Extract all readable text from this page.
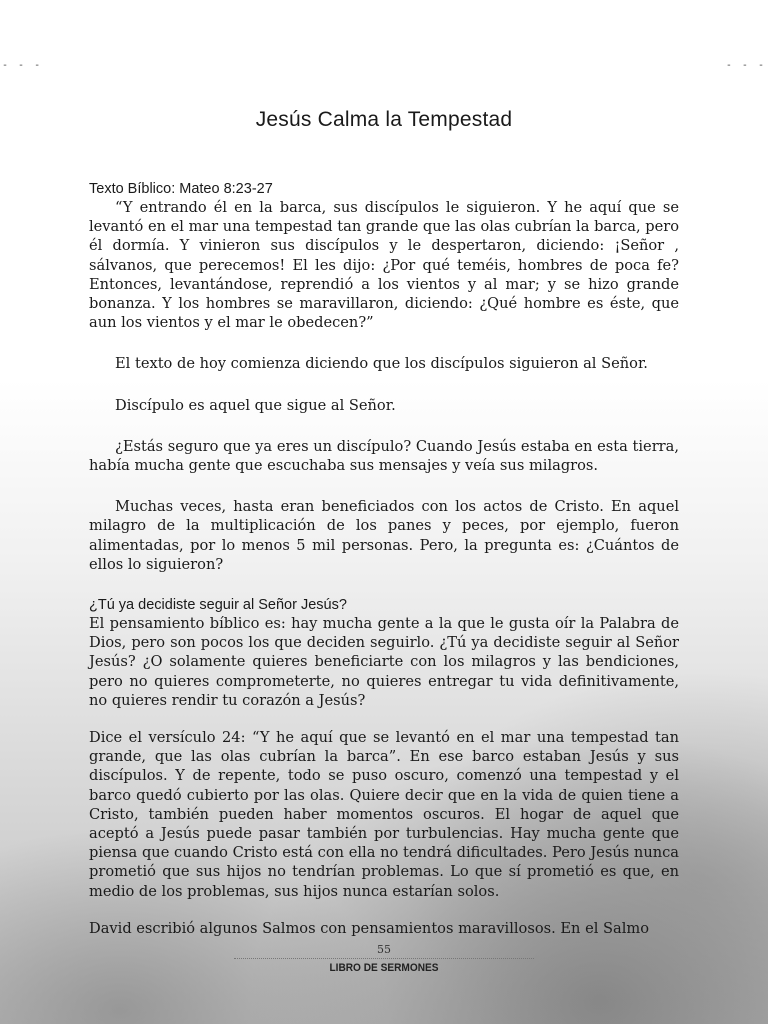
- - -	- - -
Jesús Calma la Tempestad
Texto Bíblico: Mateo 8:23-27

“Y entrando él en la barca, sus discípulos le siguieron. Y he aquí que se levantó en el mar una tempestad tan grande que las olas cubrían la barca, pero él dormía. Y vinieron sus discípulos y le despertaron, diciendo: ¡Señor , sálvanos, que perecemos! El les dijo: ¿Por qué teméis, hombres de poca fe? Entonces, levantándose, reprendió a los vientos y al mar; y se hizo grande bonanza. Y los hombres se maravillaron, diciendo: ¿Qué hombre es éste, que aun los vientos y el mar le obedecen?”

El texto de hoy comienza diciendo que los discípulos siguieron al Señor.

Discípulo es aquel que sigue al Señor.

¿Estás seguro que ya eres un discípulo? Cuando Jesús estaba en esta tierra, había mucha gente que escuchaba sus mensajes y veía sus milagros.

Muchas veces, hasta eran beneficiados con los actos de Cristo. En aquel milagro de la multiplicación de los panes y peces, por ejemplo, fueron alimentadas, por lo menos 5 mil personas. Pero, la pregunta es: ¿Cuántos de ellos lo siguieron?

¿Tú ya decidiste seguir al Señor Jesús?

El pensamiento bíblico es: hay mucha gente a la que le gusta oír la Palabra de Dios, pero son pocos los que deciden seguirlo. ¿Tú ya decidiste seguir al Señor Jesús? ¿O solamente quieres beneficiarte con los milagros y las bendiciones, pero no quieres comprometerte, no quieres entregar tu vida definitivamente, no quieres rendir tu corazón a Jesús?

Dice el versículo 24: “Y he aquí que se levantó en el mar una tempestad tan grande, que las olas cubrían la barca”. En ese barco estaban Jesús y sus discípulos. Y de repente, todo se puso oscuro, comenzó una tempestad y el barco quedó cubierto por las olas. Quiere decir que en la vida de quien tiene a Cristo, también pueden haber momentos oscuros. El hogar de aquel que aceptó a Jesús puede pasar también por turbulencias. Hay mucha gente que piensa que cuando Cristo está con ella no tendrá dificultades. Pero Jesús nunca prometió que sus hijos no tendrían problemas. Lo que sí prometió es que, en medio de los problemas, sus hijos nunca estarían solos.

David escribió algunos Salmos con pensamientos maravillosos. En el Salmo

55
LIBRO DE SERMONES
